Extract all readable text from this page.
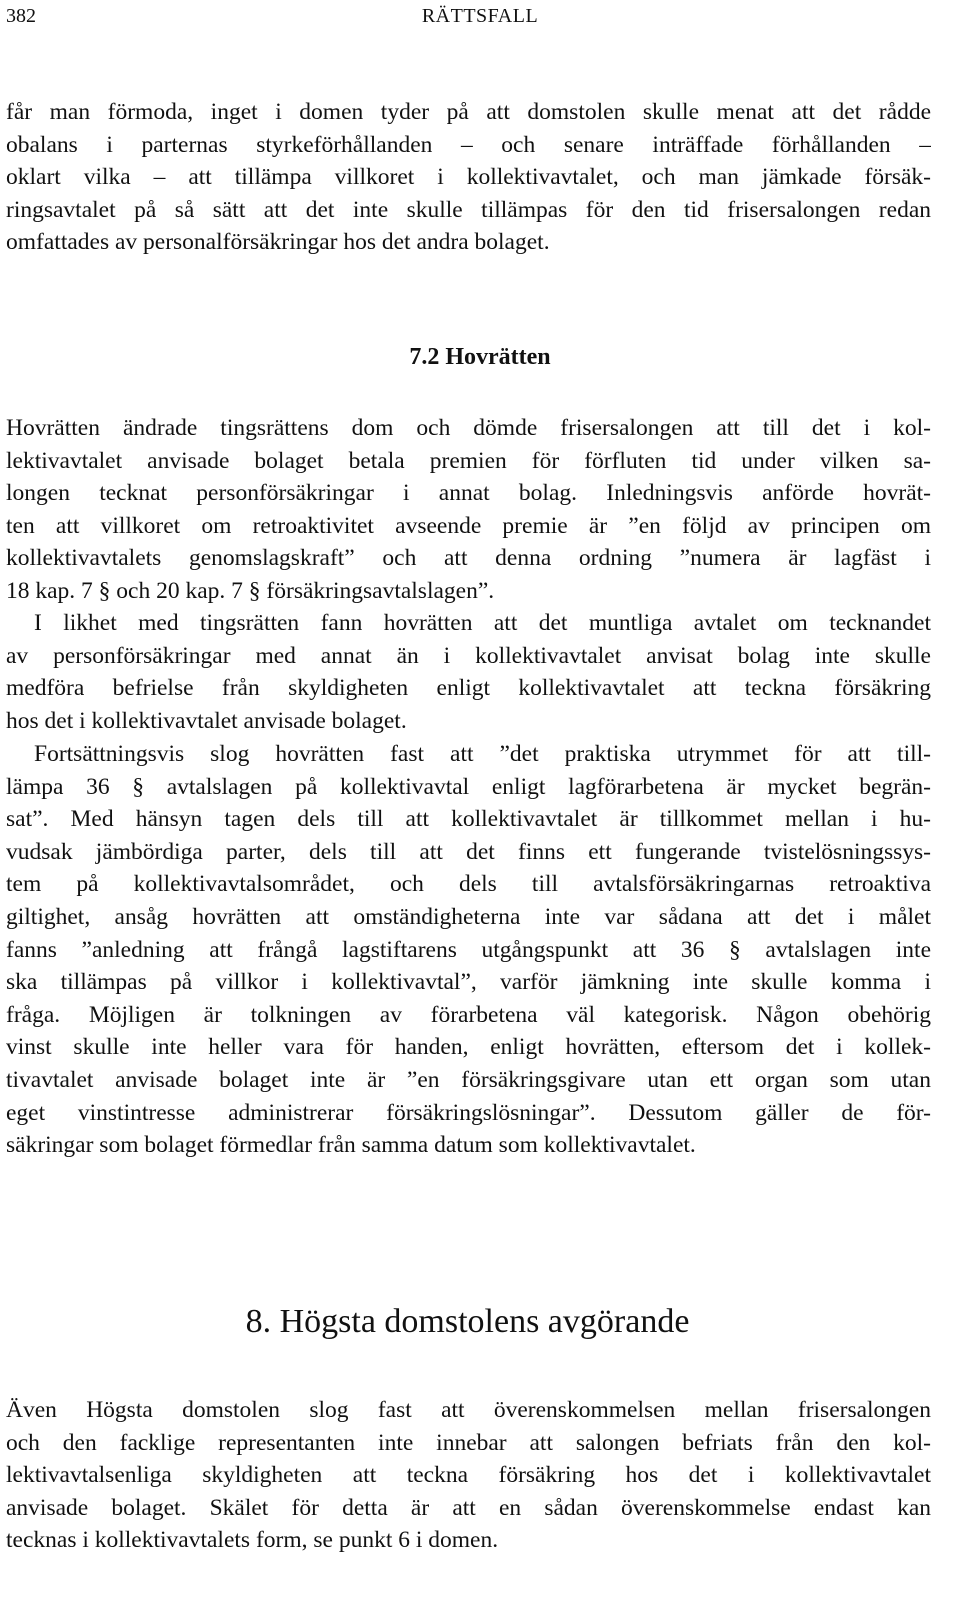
382	RÄTTSFALL
får man förmoda, inget i domen tyder på att domstolen skulle menat att det rådde
obalans i parternas styrkeförhållanden – och senare inträffade förhållanden –
oklart vilka – att tillämpa villkoret i kollektivavtalet, och man jämkade försäk-
ringsavtalet på så sätt att det inte skulle tillämpas för den tid frisersalongen redan
omfattades av personalförsäkringar hos det andra bolaget.
7.2 Hovrätten
Hovrätten ändrade tingsrättens dom och dömde frisersalongen att till det i kol-
lektivavtalet anvisade bolaget betala premien för förfluten tid under vilken sa-
longen tecknat personförsäkringar i annat bolag. Inledningsvis anförde hovrät-
ten att villkoret om retroaktivitet avseende premie är ”en följd av principen om
kollektivavtalets genomslagskraft” och att denna ordning ”numera är lagfäst i
18 kap. 7 § och 20 kap. 7 § försäkringsavtalslagen”.
I likhet med tingsrätten fann hovrätten att det muntliga avtalet om tecknandet
av personförsäkringar med annat än i kollektivavtalet anvisat bolag inte skulle
medföra befrielse från skyldigheten enligt kollektivavtalet att teckna försäkring
hos det i kollektivavtalet anvisade bolaget.
Fortsättningsvis slog hovrätten fast att ”det praktiska utrymmet för att till-
lämpa 36 § avtalslagen på kollektivavtal enligt lagförarbetena är mycket begrän-
sat”. Med hänsyn tagen dels till att kollektivavtalet är tillkommet mellan i hu-
vudsak jämbördiga parter, dels till att det finns ett fungerande tvistelösningssys-
tem på kollektivavtalsområdet, och dels till avtalsförsäkringarnas retroaktiva
giltighet, ansåg hovrätten att omständigheterna inte var sådana att det i målet
fanns ”anledning att frångå lagstiftarens utgångspunkt att 36 § avtalslagen inte
ska tillämpas på villkor i kollektivavtal”, varför jämkning inte skulle komma i
fråga. Möjligen är tolkningen av förarbetena väl kategorisk. Någon obehörig
vinst skulle inte heller vara för handen, enligt hovrätten, eftersom det i kollek-
tivavtalet anvisade bolaget inte är ”en försäkringsgivare utan ett organ som utan
eget vinstintresse administrerar försäkringslösningar”. Dessutom gäller de för-
säkringar som bolaget förmedlar från samma datum som kollektivavtalet.
8. Högsta domstolens avgörande
Även Högsta domstolen slog fast att överenskommelsen mellan frisersalongen
och den facklige representanten inte innebar att salongen befriats från den kol-
lektivavtalsenliga skyldigheten att teckna försäkring hos det i kollektivavtalet
anvisade bolaget. Skälet för detta är att en sådan överenskommelse endast kan
tecknas i kollektivavtalets form, se punkt 6 i domen.
